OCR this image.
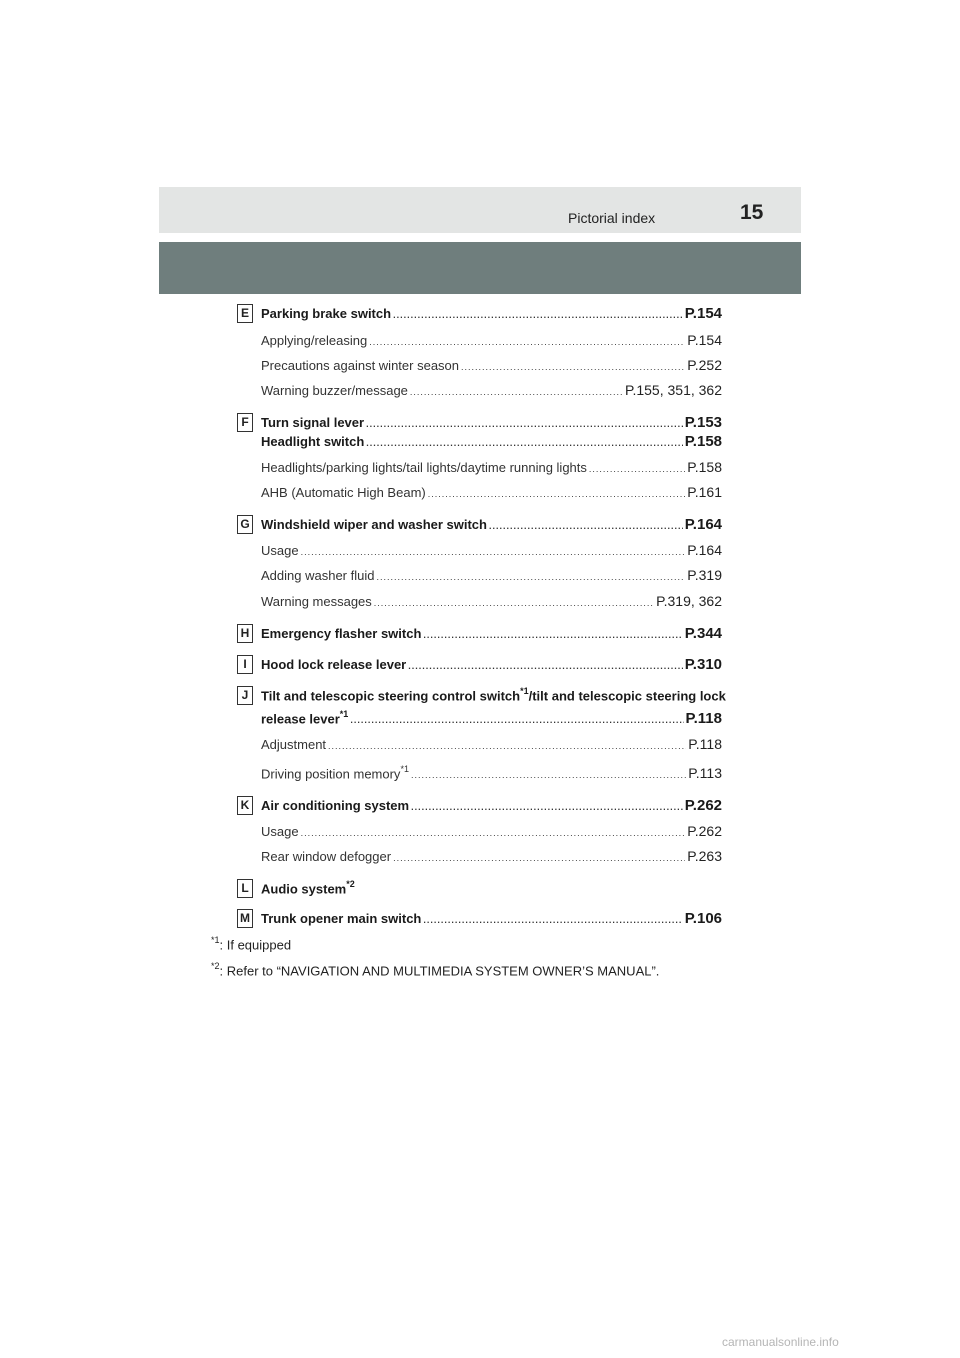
Pictorial index	15
E Parking brake switch .....	P.154
Applying/releasing .....	P.154
Precautions against winter season .....	P.252
Warning buzzer/message .....	P.155, 351, 362
F Turn signal lever .....	P.153
Headlight switch .....	P.158
Headlights/parking lights/tail lights/daytime running lights .....	P.158
AHB (Automatic High Beam) .....	P.161
G Windshield wiper and washer switch .....	P.164
Usage .....	P.164
Adding washer fluid .....	P.319
Warning messages .....	P.319, 362
H Emergency flasher switch .....	P.344
I	Hood lock release lever .....	P.310
J Tilt and telescopic steering control switch$^{*1}$/tilt and telescopic steering lock
release lever$^{*1}$ .....	P.118
Adjustment .....	P.118
Driving position memory$^{*1}$ .....	P.113
K Air conditioning system .....	P.262
Usage .....	P.262
Rear window defogger .....	P.263
L Audio system$^{*2}$
M Trunk opener main switch .....	P.106
$^{*1}$: If equipped
$^{*2}$: Refer to “NAVIGATION AND MULTIMEDIA SYSTEM OWNER’S MANUAL”.
carmanualsonline.info
